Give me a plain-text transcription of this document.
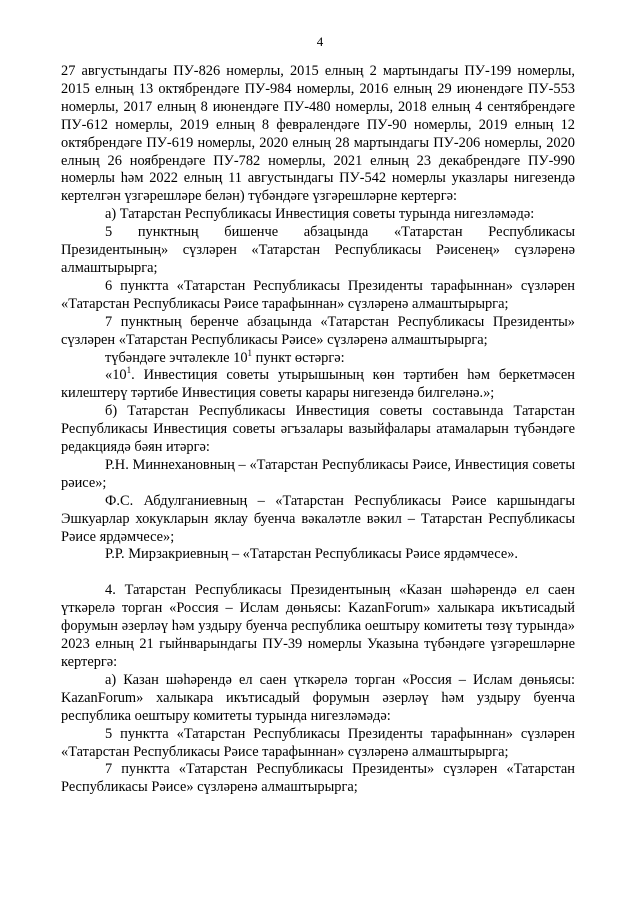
4

27 августындагы ПУ-826 номерлы, 2015 елның 2 мартындагы ПУ-199 номерлы, 2015 елның 13 октябрендәге ПУ-984 номерлы, 2016 елның 29 июнендәге ПУ-553 номерлы, 2017 елның 8 июнендәге ПУ-480 номерлы, 2018 елның 4 сентябрендәге ПУ-612 номерлы, 2019 елның 8 февралендәге ПУ-90 номерлы, 2019 елның 12 октябрендәге ПУ-619 номерлы, 2020 елның 28 мартындагы ПУ-206 номерлы, 2020 елның 26 ноябрендәге ПУ-782 номерлы, 2021 елның 23 декабрендәге ПУ-990 номерлы һәм 2022 елның 11 августындагы ПУ-542 номерлы указлары нигезендә кертелгән үзгәрешләре белән) түбәндәге үзгәрешләрне кертергә:

а) Татарстан Республикасы Инвестиция советы турында нигезләмәдә:

5 пунктның бишенче абзацында «Татарстан Республикасы Президентының» сүзләрен «Татарстан Республикасы Рәисенең» сүзләренә алмаштырырга;

6 пунктта «Татарстан Республикасы Президенты тарафыннан» сүзләрен «Татарстан Республикасы Рәисе тарафыннан» сүзләренә алмаштырырга;

7 пунктның беренче абзацында «Татарстан Республикасы Президенты» сүзләрен «Татарстан Республикасы Рәисе» сүзләренә алмаштырырга;

түбәндәге эчтәлекле $10^1$ пункт өстәргә:

«$10^1$. Инвестиция советы утырышының көн тәртибен һәм беркетмәсен килештерү тәртибе Инвестиция советы карары нигезендә билгеләнә.»;

б) Татарстан Республикасы Инвестиция советы составында Татарстан Республикасы Инвестиция советы әгъзалары вазыйфалары атамаларын түбәндәге редакциядә бәян итәргә:

Р.Н. Миннехановның – «Татарстан Республикасы Рәисе, Инвестиция советы рәисе»;

Ф.С. Абдулганиевның – «Татарстан Республикасы Рәисе каршындагы Эшкуарлар хокукларын яклау буенча вәкаләтле вәкил – Татарстан Республикасы Рәисе ярдәмчесе»;

Р.Р. Мирзакриевның – «Татарстан Республикасы Рәисе ярдәмчесе».

4. Татарстан Республикасы Президентының «Казан шәһәрендә ел саен үткәрелә торган «Россия – Ислам дөньясы: KazanForum» халыкара икътисадый форумын әзерләү һәм уздыру буенча республика оештыру комитеты төзү турында» 2023 елның 21 гыйнварындагы ПУ-39 номерлы Указына түбәндәге үзгәрешләрне кертергә:

а) Казан шәһәрендә ел саен үткәрелә торган «Россия – Ислам дөньясы: KazanForum» халыкара икътисадый форумын әзерләү һәм уздыру буенча республика оештыру комитеты турында нигезләмәдә:

5 пунктта «Татарстан Республикасы Президенты тарафыннан» сүзләрен «Татарстан Республикасы Рәисе тарафыннан» сүзләренә алмаштырырга;

7 пунктта «Татарстан Республикасы Президенты» сүзләрен «Татарстан Республикасы Рәисе» сүзләренә алмаштырырга;
